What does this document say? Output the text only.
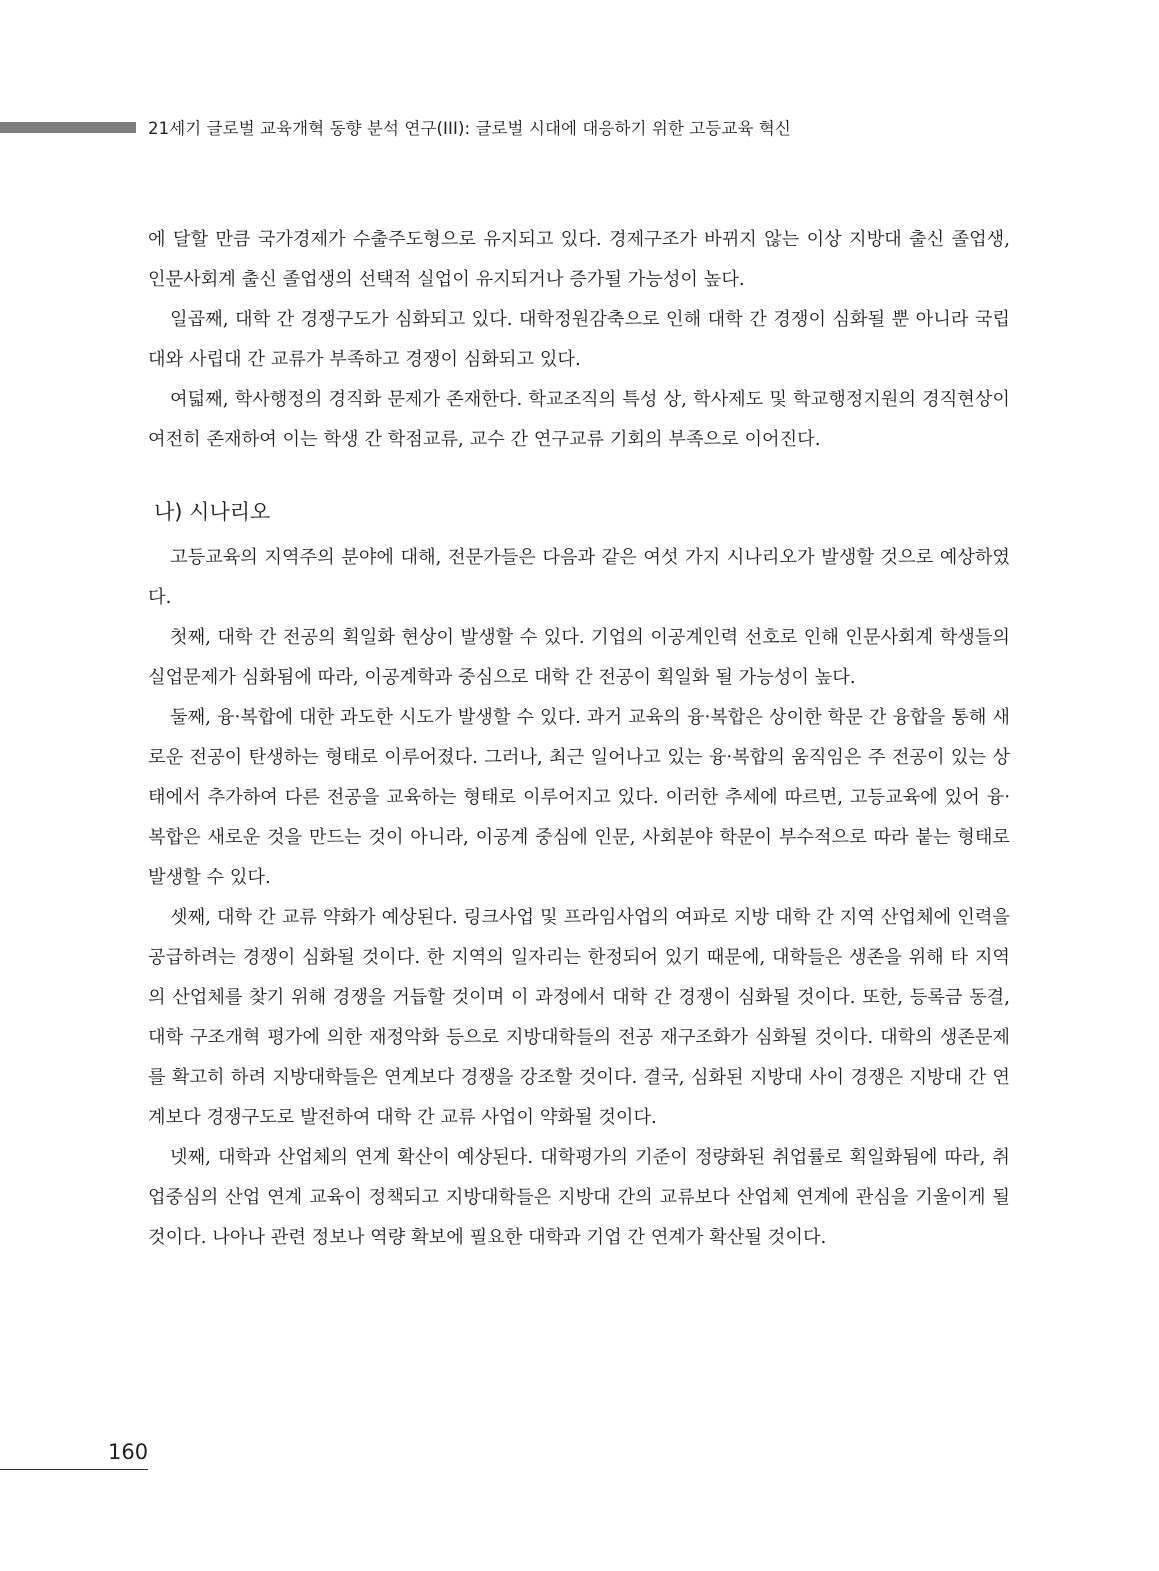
21세기 글로벌 교육개혁 동향 분석 연구(III): 글로벌 시대에 대응하기 위한 고등교육 혁신

에 달할 만큼 국가경제가 수출주도형으로 유지되고 있다. 경제구조가 바뀌지 않는 이상 지방대 출신 졸업생, 인문사회계 출신 졸업생의 선택적 실업이 유지되거나 증가될 가능성이 높다.

일곱째, 대학 간 경쟁구도가 심화되고 있다. 대학정원감축으로 인해 대학 간 경쟁이 심화될 뿐 아니라 국립대와 사립대 간 교류가 부족하고 경쟁이 심화되고 있다.

여덟째, 학사행정의 경직화 문제가 존재한다. 학교조직의 특성 상, 학사제도 및 학교행정지원의 경직현상이 여전히 존재하여 이는 학생 간 학점교류, 교수 간 연구교류 기회의 부족으로 이어진다.

나) 시나리오

고등교육의 지역주의 분야에 대해, 전문가들은 다음과 같은 여섯 가지 시나리오가 발생할 것으로 예상하였다.

첫째, 대학 간 전공의 획일화 현상이 발생할 수 있다. 기업의 이공계인력 선호로 인해 인문사회계 학생들의 실업문제가 심화됨에 따라, 이공계학과 중심으로 대학 간 전공이 획일화 될 가능성이 높다.

둘째, 융·복합에 대한 과도한 시도가 발생할 수 있다. 과거 교육의 융·복합은 상이한 학문 간 융합을 통해 새로운 전공이 탄생하는 형태로 이루어졌다. 그러나, 최근 일어나고 있는 융·복합의 움직임은 주 전공이 있는 상태에서 추가하여 다른 전공을 교육하는 형태로 이루어지고 있다. 이러한 추세에 따르면, 고등교육에 있어 융·복합은 새로운 것을 만드는 것이 아니라, 이공계 중심에 인문, 사회분야 학문이 부수적으로 따라 붙는 형태로 발생할 수 있다.

셋째, 대학 간 교류 약화가 예상된다. 링크사업 및 프라임사업의 여파로 지방 대학 간 지역 산업체에 인력을 공급하려는 경쟁이 심화될 것이다. 한 지역의 일자리는 한정되어 있기 때문에, 대학들은 생존을 위해 타 지역의 산업체를 찾기 위해 경쟁을 거듭할 것이며 이 과정에서 대학 간 경쟁이 심화될 것이다. 또한, 등록금 동결, 대학 구조개혁 평가에 의한 재정악화 등으로 지방대학들의 전공 재구조화가 심화될 것이다. 대학의 생존문제를 확고히 하려 지방대학들은 연계보다 경쟁을 강조할 것이다. 결국, 심화된 지방대 사이 경쟁은 지방대 간 연계보다 경쟁구도로 발전하여 대학 간 교류 사업이 약화될 것이다.

넷째, 대학과 산업체의 연계 확산이 예상된다. 대학평가의 기준이 정량화된 취업률로 획일화됨에 따라, 취업중심의 산업 연계 교육이 정책되고 지방대학들은 지방대 간의 교류보다 산업체 연계에 관심을 기울이게 될 것이다. 나아나 관련 정보나 역량 확보에 필요한 대학과 기업 간 연계가 확산될 것이다.

160
